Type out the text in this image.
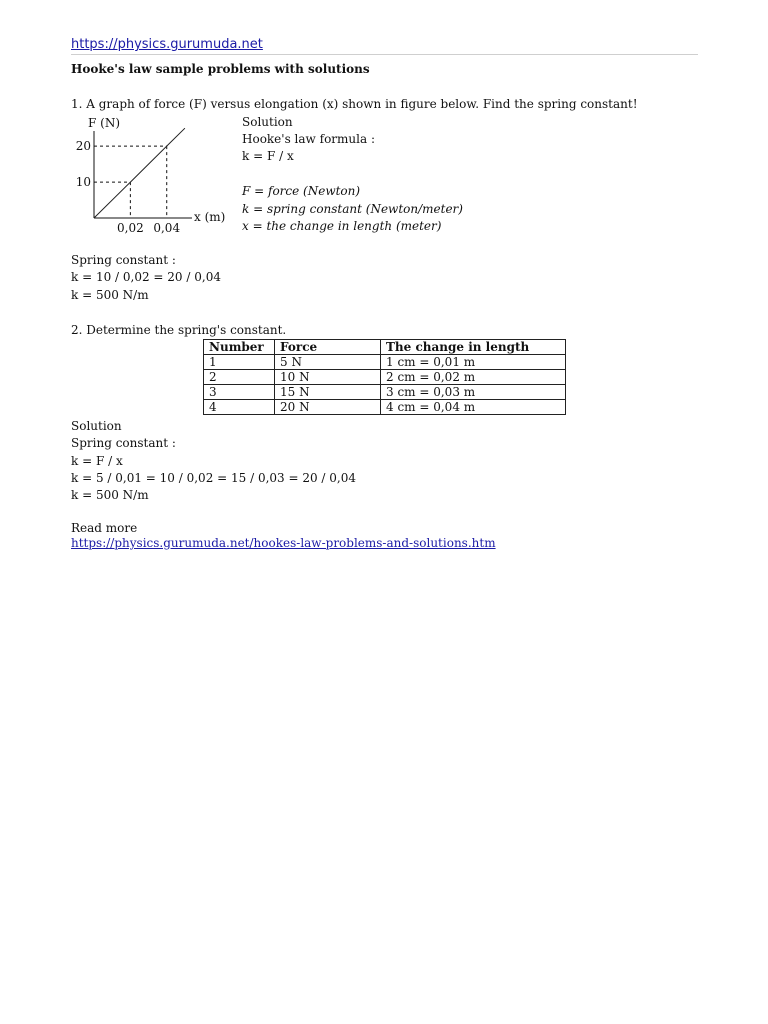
https://physics.gurumuda.net
Hooke's law sample problems with solutions
1. A graph of force (F) versus elongation (x) shown in figure below. Find the spring constant!
F (N)
x (m)
10
20
0,02 0,04
Solution
Hooke's law formula :
k = F / x
F = force (Newton)
k = spring constant (Newton/meter)
x = the change in length (meter)
Spring constant :
k = 10 / 0,02 = 20 / 0,04
k = 500 N/m
2. Determine the spring's constant.
Number	Force	The change in length
1	5 N	1 cm = 0,01 m
2	10 N	2 cm = 0,02 m
3	15 N	3 cm = 0,03 m
4	20 N	4 cm = 0,04 m
Solution
Spring constant :
k = F / x
k = 5 / 0,01 = 10 / 0,02 = 15 / 0,03 = 20 / 0,04
k = 500 N/m
Read more
https://physics.gurumuda.net/hookes-law-problems-and-solutions.htm
